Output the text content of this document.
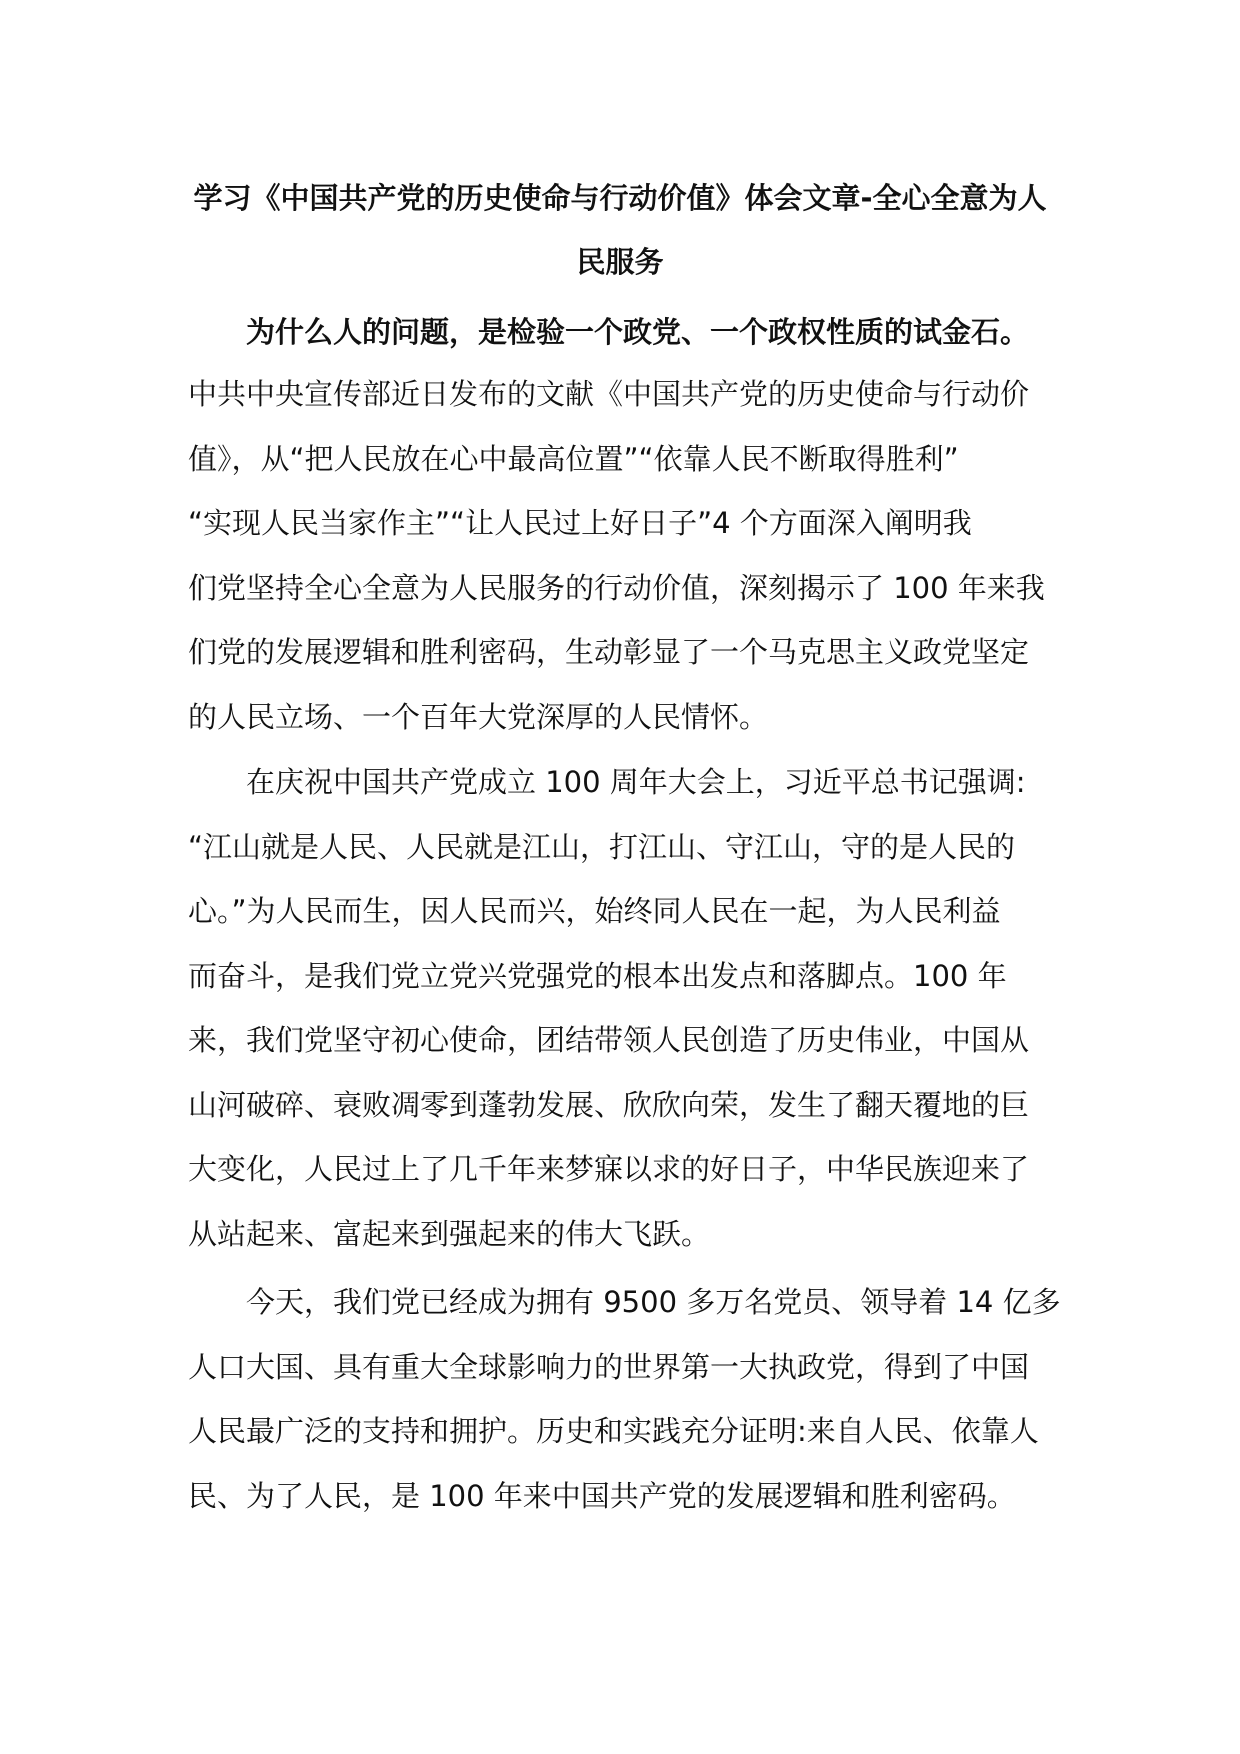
学习《中国共产党的历史使命与行动价值》体会文章-全心全意为人
民服务

为什么人的问题，是检验一个政党、一个政权性质的试金石。

中共中央宣传部近日发布的文献《中国共产党的历史使命与行动价
值》，从“把人民放在心中最高位置”“依靠人民不断取得胜利”
“实现人民当家作主”“让人民过上好日子”4 个方面深入阐明我
们党坚持全心全意为人民服务的行动价值，深刻揭示了 100 年来我
们党的发展逻辑和胜利密码，生动彰显了一个马克思主义政党坚定
的人民立场、一个百年大党深厚的人民情怀。

在庆祝中国共产党成立 100 周年大会上，习近平总书记强调:
“江山就是人民、人民就是江山，打江山、守江山，守的是人民的
心。”为人民而生，因人民而兴，始终同人民在一起，为人民利益
而奋斗，是我们党立党兴党强党的根本出发点和落脚点。100 年
来，我们党坚守初心使命，团结带领人民创造了历史伟业，中国从
山河破碎、衰败凋零到蓬勃发展、欣欣向荣，发生了翻天覆地的巨
大变化，人民过上了几千年来梦寐以求的好日子，中华民族迎来了
从站起来、富起来到强起来的伟大飞跃。

今天，我们党已经成为拥有 9500 多万名党员、领导着 14 亿多
人口大国、具有重大全球影响力的世界第一大执政党，得到了中国
人民最广泛的支持和拥护。历史和实践充分证明:来自人民、依靠人
民、为了人民，是 100 年来中国共产党的发展逻辑和胜利密码。
